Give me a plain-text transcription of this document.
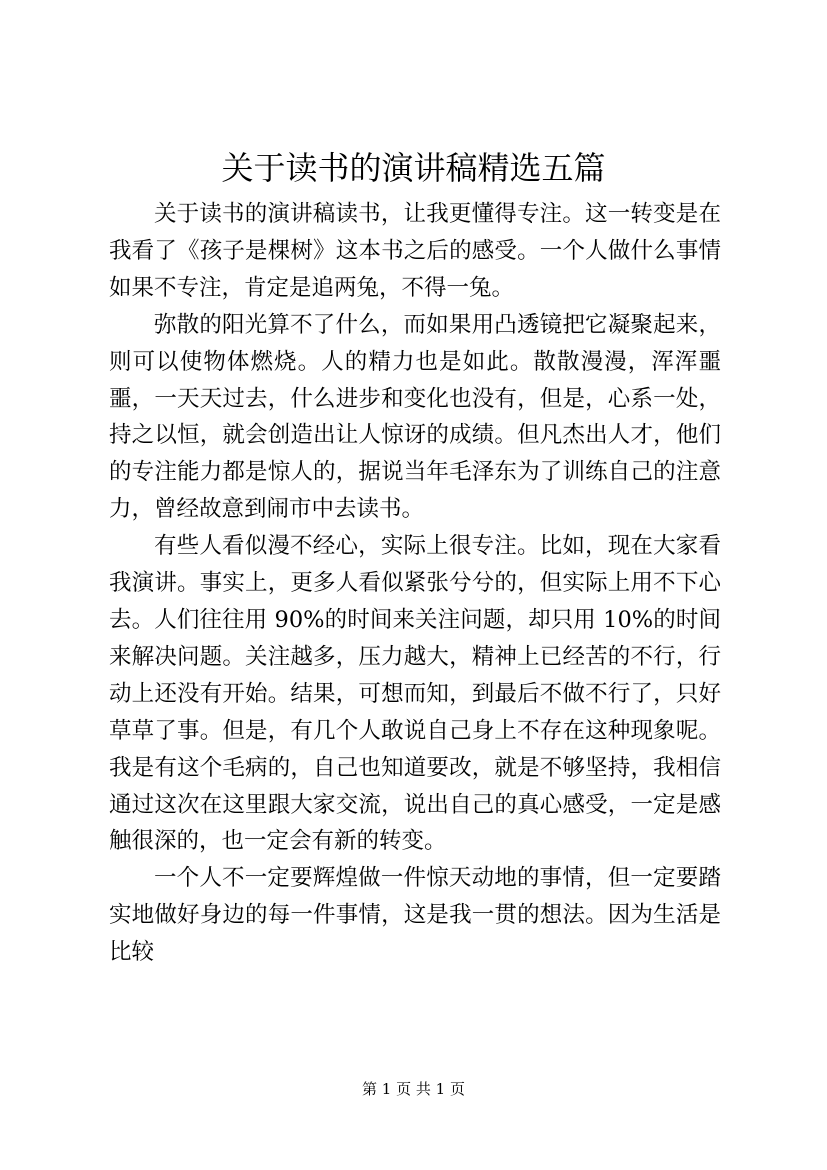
关于读书的演讲稿精选五篇

关于读书的演讲稿读书，让我更懂得专注。这一转变是在我看了《孩子是棵树》这本书之后的感受。一个人做什么事情如果不专注，肯定是追两兔，不得一兔。

弥散的阳光算不了什么，而如果用凸透镜把它凝聚起来，则可以使物体燃烧。人的精力也是如此。散散漫漫，浑浑噩噩，一天天过去，什么进步和变化也没有，但是，心系一处，持之以恒，就会创造出让人惊讶的成绩。但凡杰出人才，他们的专注能力都是惊人的，据说当年毛泽东为了训练自己的注意力，曾经故意到闹市中去读书。

有些人看似漫不经心，实际上很专注。比如，现在大家看我演讲。事实上，更多人看似紧张兮兮的，但实际上用不下心去。人们往往用 90%的时间来关注问题，却只用 10%的时间来解决问题。关注越多，压力越大，精神上已经苦的不行，行动上还没有开始。结果，可想而知，到最后不做不行了，只好草草了事。但是，有几个人敢说自己身上不存在这种现象呢。我是有这个毛病的，自己也知道要改，就是不够坚持，我相信通过这次在这里跟大家交流，说出自己的真心感受，一定是感触很深的，也一定会有新的转变。

一个人不一定要辉煌做一件惊天动地的事情，但一定要踏实地做好身边的每一件事情，这是我一贯的想法。因为生活是比较

第 1 页 共 1 页
